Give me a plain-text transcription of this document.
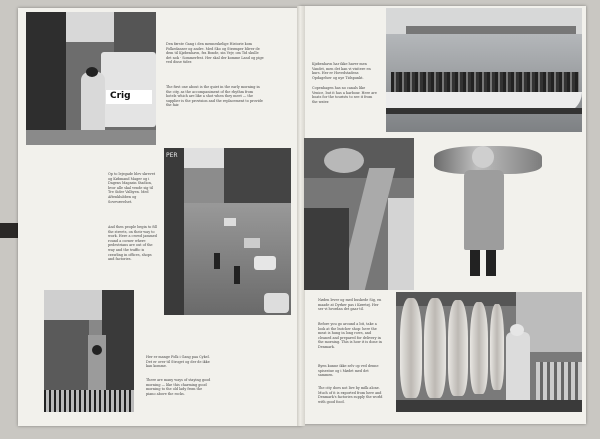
Crig
Den første Gang i den menneskelige Historie kom Folkedanser og andre. Med Sko og Strømper bliver de dem til Kjøbenhavn, fra Bonde, sin Vejv, om Tid skulle det nok - Sommerfest. Her skal der komme Land og pige ved disse tider.
The first one about is the quiet in the early morning in the city, as the accompaniment of the rhythm from hotels which are like a shot when they meet — the supplier is the provision and the replacement to provide the fair.
PER
Op to lejegade blev skrevet og Købmand Mager og i Dagens Magasin Stadion, hvor alle skal vende sig til Tre Sider Valbyen. Med Aftenklubben og Soveværelset.
And then people begin to fill the streets, on their way to work. Here a crowd jammed round a corner where pedestrians are out of the way and the traffic is crawling in offices, shops and factories.
Her er mange Folk i Gang paa Cykel. Det er over til Stroget og der de ikke kan komme.
There are many ways of staying good morning — like this charming good morning to the old lady from the piano above the rocks.
Kjøbenhavn har ikke haver men Vandet, men det kan vi visitere en kurs. Her er Hovedstadens Opdagelser og nye Tidspunkt.
Copenhagen has no canals like Venice, but it has a harbour. Here are boats for the tourists to see it from the water.
Nøden lever og med buskede Sig, en maade at Dyrker pas i Køretøj. Her ser vi hvordan det gaar til.
Before you go around a bit, take a look at the butcher shop: here the meat is hung in long rows, and cleaned and prepared for delivery in the morning. This is how it is done in Denmark.
Byen kunne ikke selv op ved denne spisestue og i Mødet med det sammen.
The city does not live by milk alone. Much of it is exported from here and Denmark's factories supply the world with good food.
